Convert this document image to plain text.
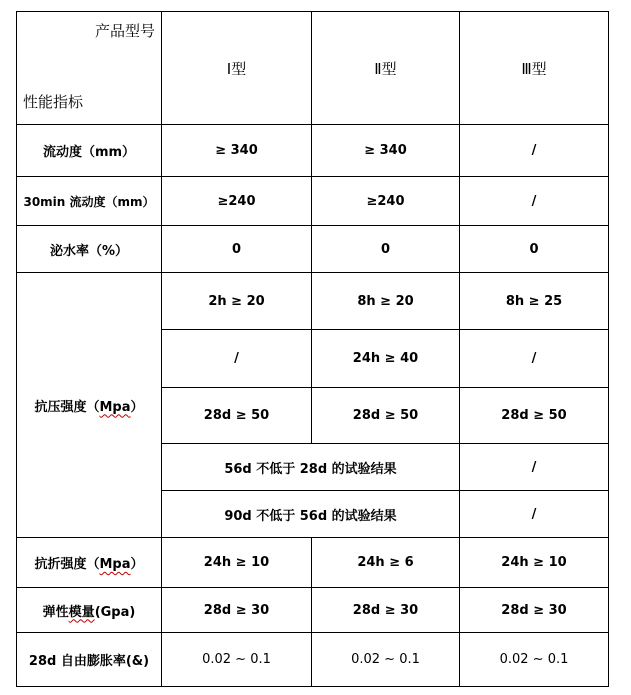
产品型号
性能指标	Ⅰ型	Ⅱ型	Ⅲ型
流动度（mm）	≥ 340	≥ 340	/
30min 流动度（mm）	≥240	≥240	/
泌水率（%）	0	0	0
抗压强度（Mpa）	2h ≥ 20	8h ≥ 20	8h ≥ 25
	/	24h ≥ 40	/
	28d ≥ 50	28d ≥ 50	28d ≥ 50
	56d 不低于 28d 的试验结果		/
	90d 不低于 56d 的试验结果		/
抗折强度（Mpa）	24h ≥ 10	24h ≥ 6	24h ≥ 10
弹性模量(Gpa)	28d ≥ 30	28d ≥ 30	28d ≥ 30
28d 自由膨胀率(&)	0.02 ~ 0.1	0.02 ~ 0.1	0.02 ~ 0.1
